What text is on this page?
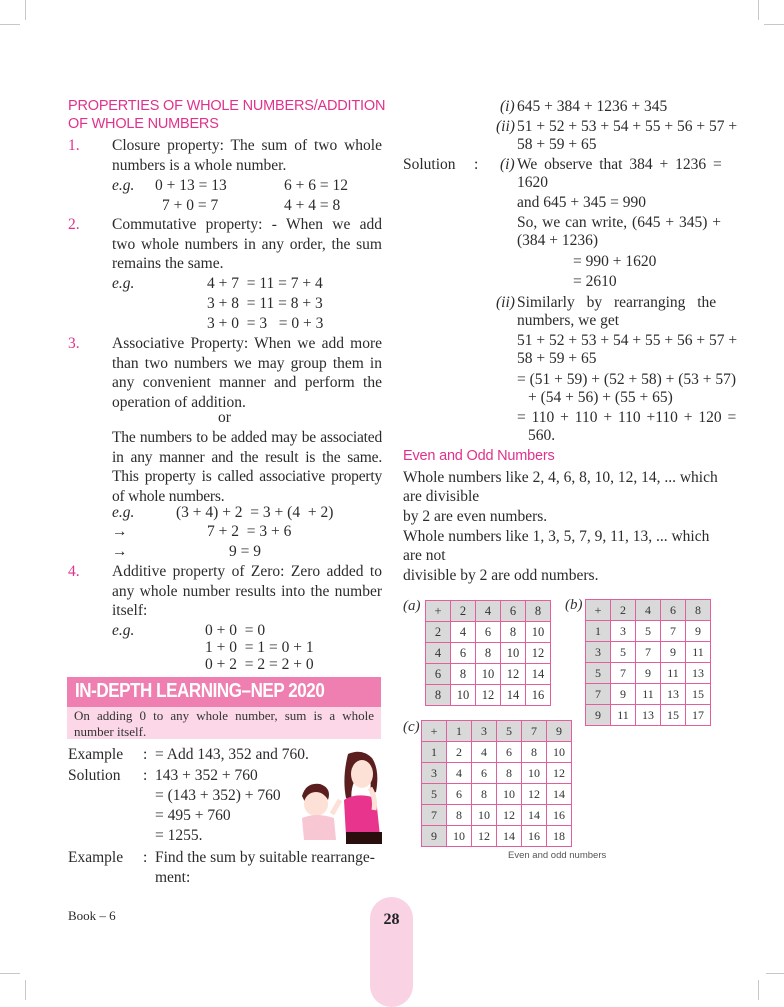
PROPERTIES OF WHOLE NUMBERS/ADDITION
OF WHOLE NUMBERS
1. Closure property: The sum of two whole numbers is a whole number.
e.g. 0 + 13 = 13	6 + 6 = 12
7 + 0 = 7	4 + 4 = 8
2. Commutative property: - When we add two whole numbers in any order, the sum remains the same.
e.g.	4 + 7  = 11 = 7 + 4
3 + 8  = 11 = 8 + 3
3 + 0  = 3   = 0 + 3
3. Associative Property: When we add more than two numbers we may group them in any convenient manner and perform the operation of addition.
or
The numbers to be added may be associated in any manner and the result is the same. This property is called associative property of whole numbers.
e.g.	(3 + 4) + 2  = 3 + (4  + 2)
→	7 + 2  = 3 + 6
→	9 = 9
4. Additive property of Zero: Zero added to any whole number results into the number itself:
e.g.	0 + 0  = 0
1 + 0  = 1 = 0 + 1
0 + 2  = 2 = 2 + 0
IN-DEPTH LEARNING–NEP 2020
On adding 0 to any whole number, sum is a whole number itself.
Example : = Add 143, 352 and 760.
Solution : 143 + 352 + 760
= (143 + 352) + 760
= 495 + 760
= 1255.
Example : Find the sum by suitable rearrange-ment:
(i) 645 + 384 + 1236 + 345
(ii) 51 + 52 + 53 + 54 + 55 + 56 + 57 +
58 + 59 + 65
Solution : (i) We observe that 384 + 1236 =
1620
and 645 + 345 = 990
So, we can write, (645 + 345) +
(384 + 1236)
= 990 + 1620
= 2610
(ii) Similarly by rearranging the
numbers, we get
51 + 52 + 53 + 54 + 55 + 56 + 57 +
58 + 59 + 65
= (51 + 59) + (52 + 58) + (53 + 57)
+ (54 + 56) + (55 + 65)
= 110 + 110 + 110 +110 + 120 =
560.
Even and Odd Numbers
Whole numbers like 2, 4, 6, 8, 10, 12, 14, ... which
are divisible
by 2 are even numbers.
Whole numbers like 1, 3, 5, 7, 9, 11, 13, ... which
are not
divisible by 2 are odd numbers.
(a) +	2	4	6	8
2	4	6	8	10
4	6	8	10	12
6	8	10	12	14
8	10	12	14	16
(b) +	2	4	6	8
1	3	5	7	9
3	5	7	9	11
5	7	9	11	13
7	9	11	13	15
9	11	13	15	17
(c) +	1	3	5	7	9
1	2	4	6	8	10
3	4	6	8	10	12
5	6	8	10	12	14
7	8	10	12	14	16
9	10	12	14	16	18
Even and odd numbers
Book – 6	28
